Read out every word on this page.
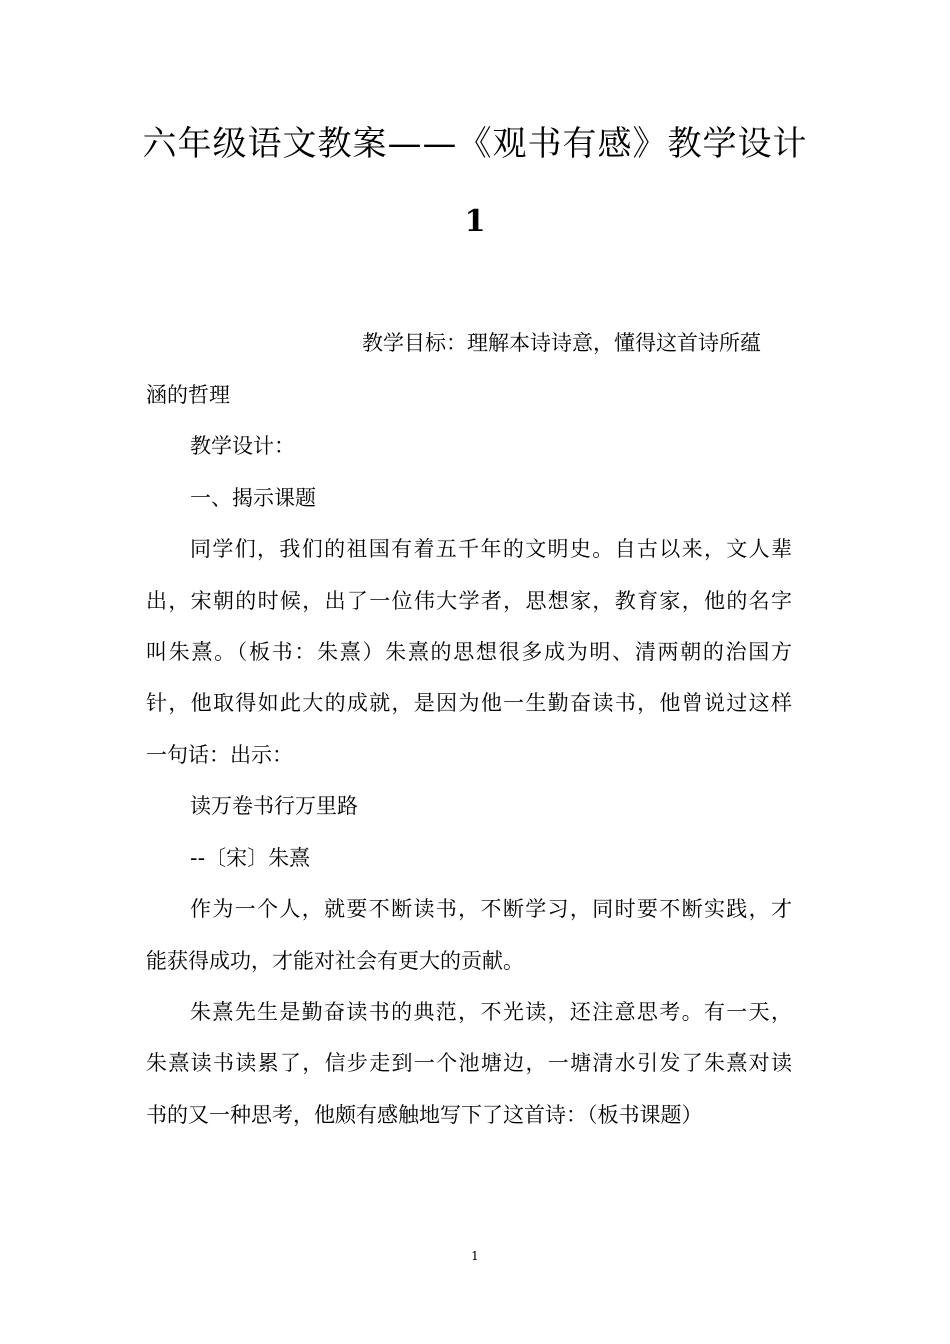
六年级语文教案——《观书有感》教学设计
1
教学目标：理解本诗诗意，懂得这首诗所蕴
涵的哲理
教学设计：
一、揭示课题
同学们，我们的祖国有着五千年的文明史。自古以来，文人辈
出，宋朝的时候，出了一位伟大学者，思想家，教育家，他的名字
叫朱熹。（板书：朱熹）朱熹的思想很多成为明、清两朝的治国方
针，他取得如此大的成就，是因为他一生勤奋读书，他曾说过这样
一句话：出示：
读万卷书行万里路
--〔宋〕朱熹
作为一个人，就要不断读书，不断学习，同时要不断实践，才
能获得成功，才能对社会有更大的贡献。
朱熹先生是勤奋读书的典范，不光读，还注意思考。有一天，
朱熹读书读累了，信步走到一个池塘边，一塘清水引发了朱熹对读
书的又一种思考，他颇有感触地写下了这首诗：（板书课题）
1
